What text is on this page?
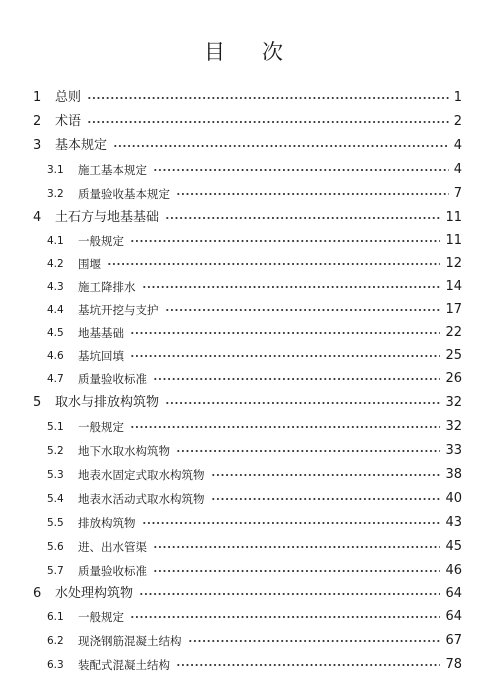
目 次
1 总则	1
2 术语	2
3 基本规定	4
3.1 施工基本规定	4
3.2 质量验收基本规定	7
4 土石方与地基基础	11
4.1 一般规定	11
4.2 围堰	12
4.3 施工降排水	14
4.4 基坑开挖与支护	17
4.5 地基基础	22
4.6 基坑回填	25
4.7 质量验收标准	26
5 取水与排放构筑物	32
5.1 一般规定	32
5.2 地下水取水构筑物	33
5.3 地表水固定式取水构筑物	38
5.4 地表水活动式取水构筑物	40
5.5 排放构筑物	43
5.6 进、出水管渠	45
5.7 质量验收标准	46
6 水处理构筑物	64
6.1 一般规定	64
6.2 现浇钢筋混凝土结构	67
6.3 装配式混凝土结构	78
